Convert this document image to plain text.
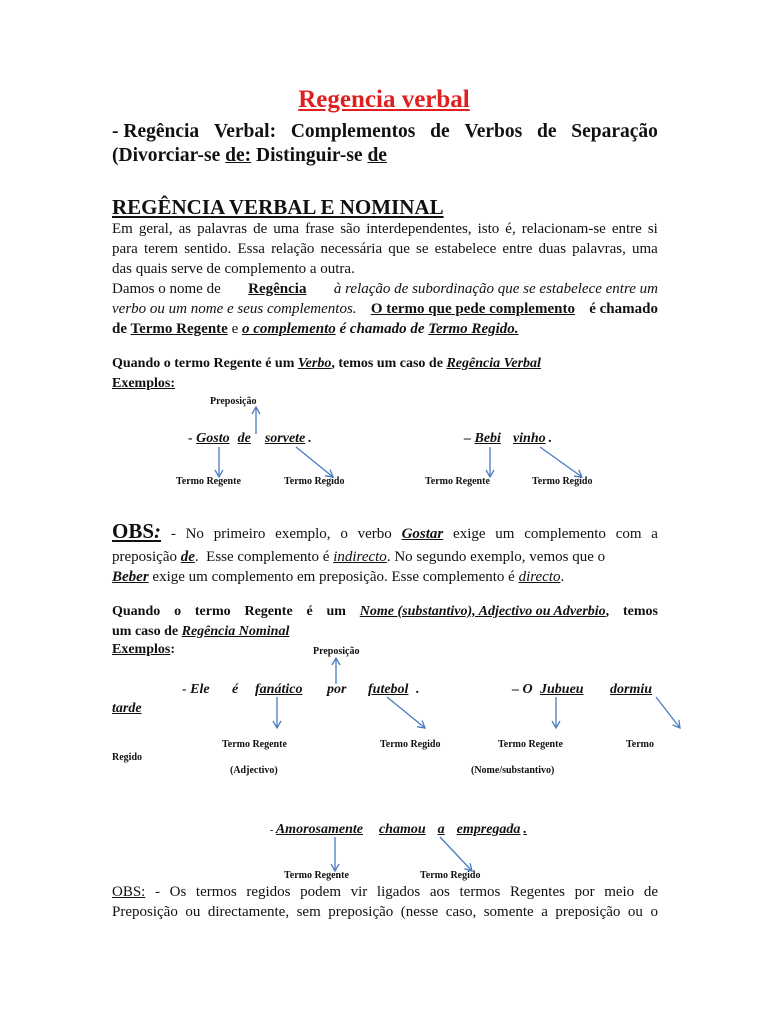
Regencia verbal
- Regência Verbal: Complementos de Verbos de Separação
(Divorciar-se de: Distinguir-se de
REGÊNCIA VERBAL E NOMINAL
Em geral, as palavras de uma frase são interdependentes, isto é, relacionam-se entre si
para terem sentido. Essa relação necessária que se estabelece entre duas palavras, uma
das quais serve de complemento a outra.
Damos o nome de Regência à relação de subordinação que se estabelece entre um
verbo ou um nome e seus complementos. O termo que pede complemento é chamado
de Termo Regente e o complemento é chamado de Termo Regido.
Quando o termo Regente é um Verbo, temos um caso de Regência Verbal
Exemplos:
Preposição
- Gosto de sorvete .	– Bebi vinho .
Termo Regente	Termo Regido	Termo Regente	Termo Regido
OBS: - No primeiro exemplo, o verbo Gostar exige um complemento com a
preposição de.  Esse complemento é indirecto. No segundo exemplo, vemos que o
Beber exige um complemento em preposição. Esse complemento é directo.
Quando o termo Regente é um Nome (substantivo), Adjectivo ou Adverbio, temos
um caso de Regência Nominal
Exemplos:	Preposição
- Ele é fanático por futebol .	– O Jubueu dormiu
tarde
Termo Regente	Termo Regido	Termo Regente	Termo
Regido
(Adjectivo)	(Nome/substantivo)
- Amorosamente chamou a empregada .
Termo Regente	Termo Regido
OBS: - Os termos regidos podem vir ligados aos termos Regentes por meio de
Preposição ou directamente, sem preposição (nesse caso, somente a preposição ou o
